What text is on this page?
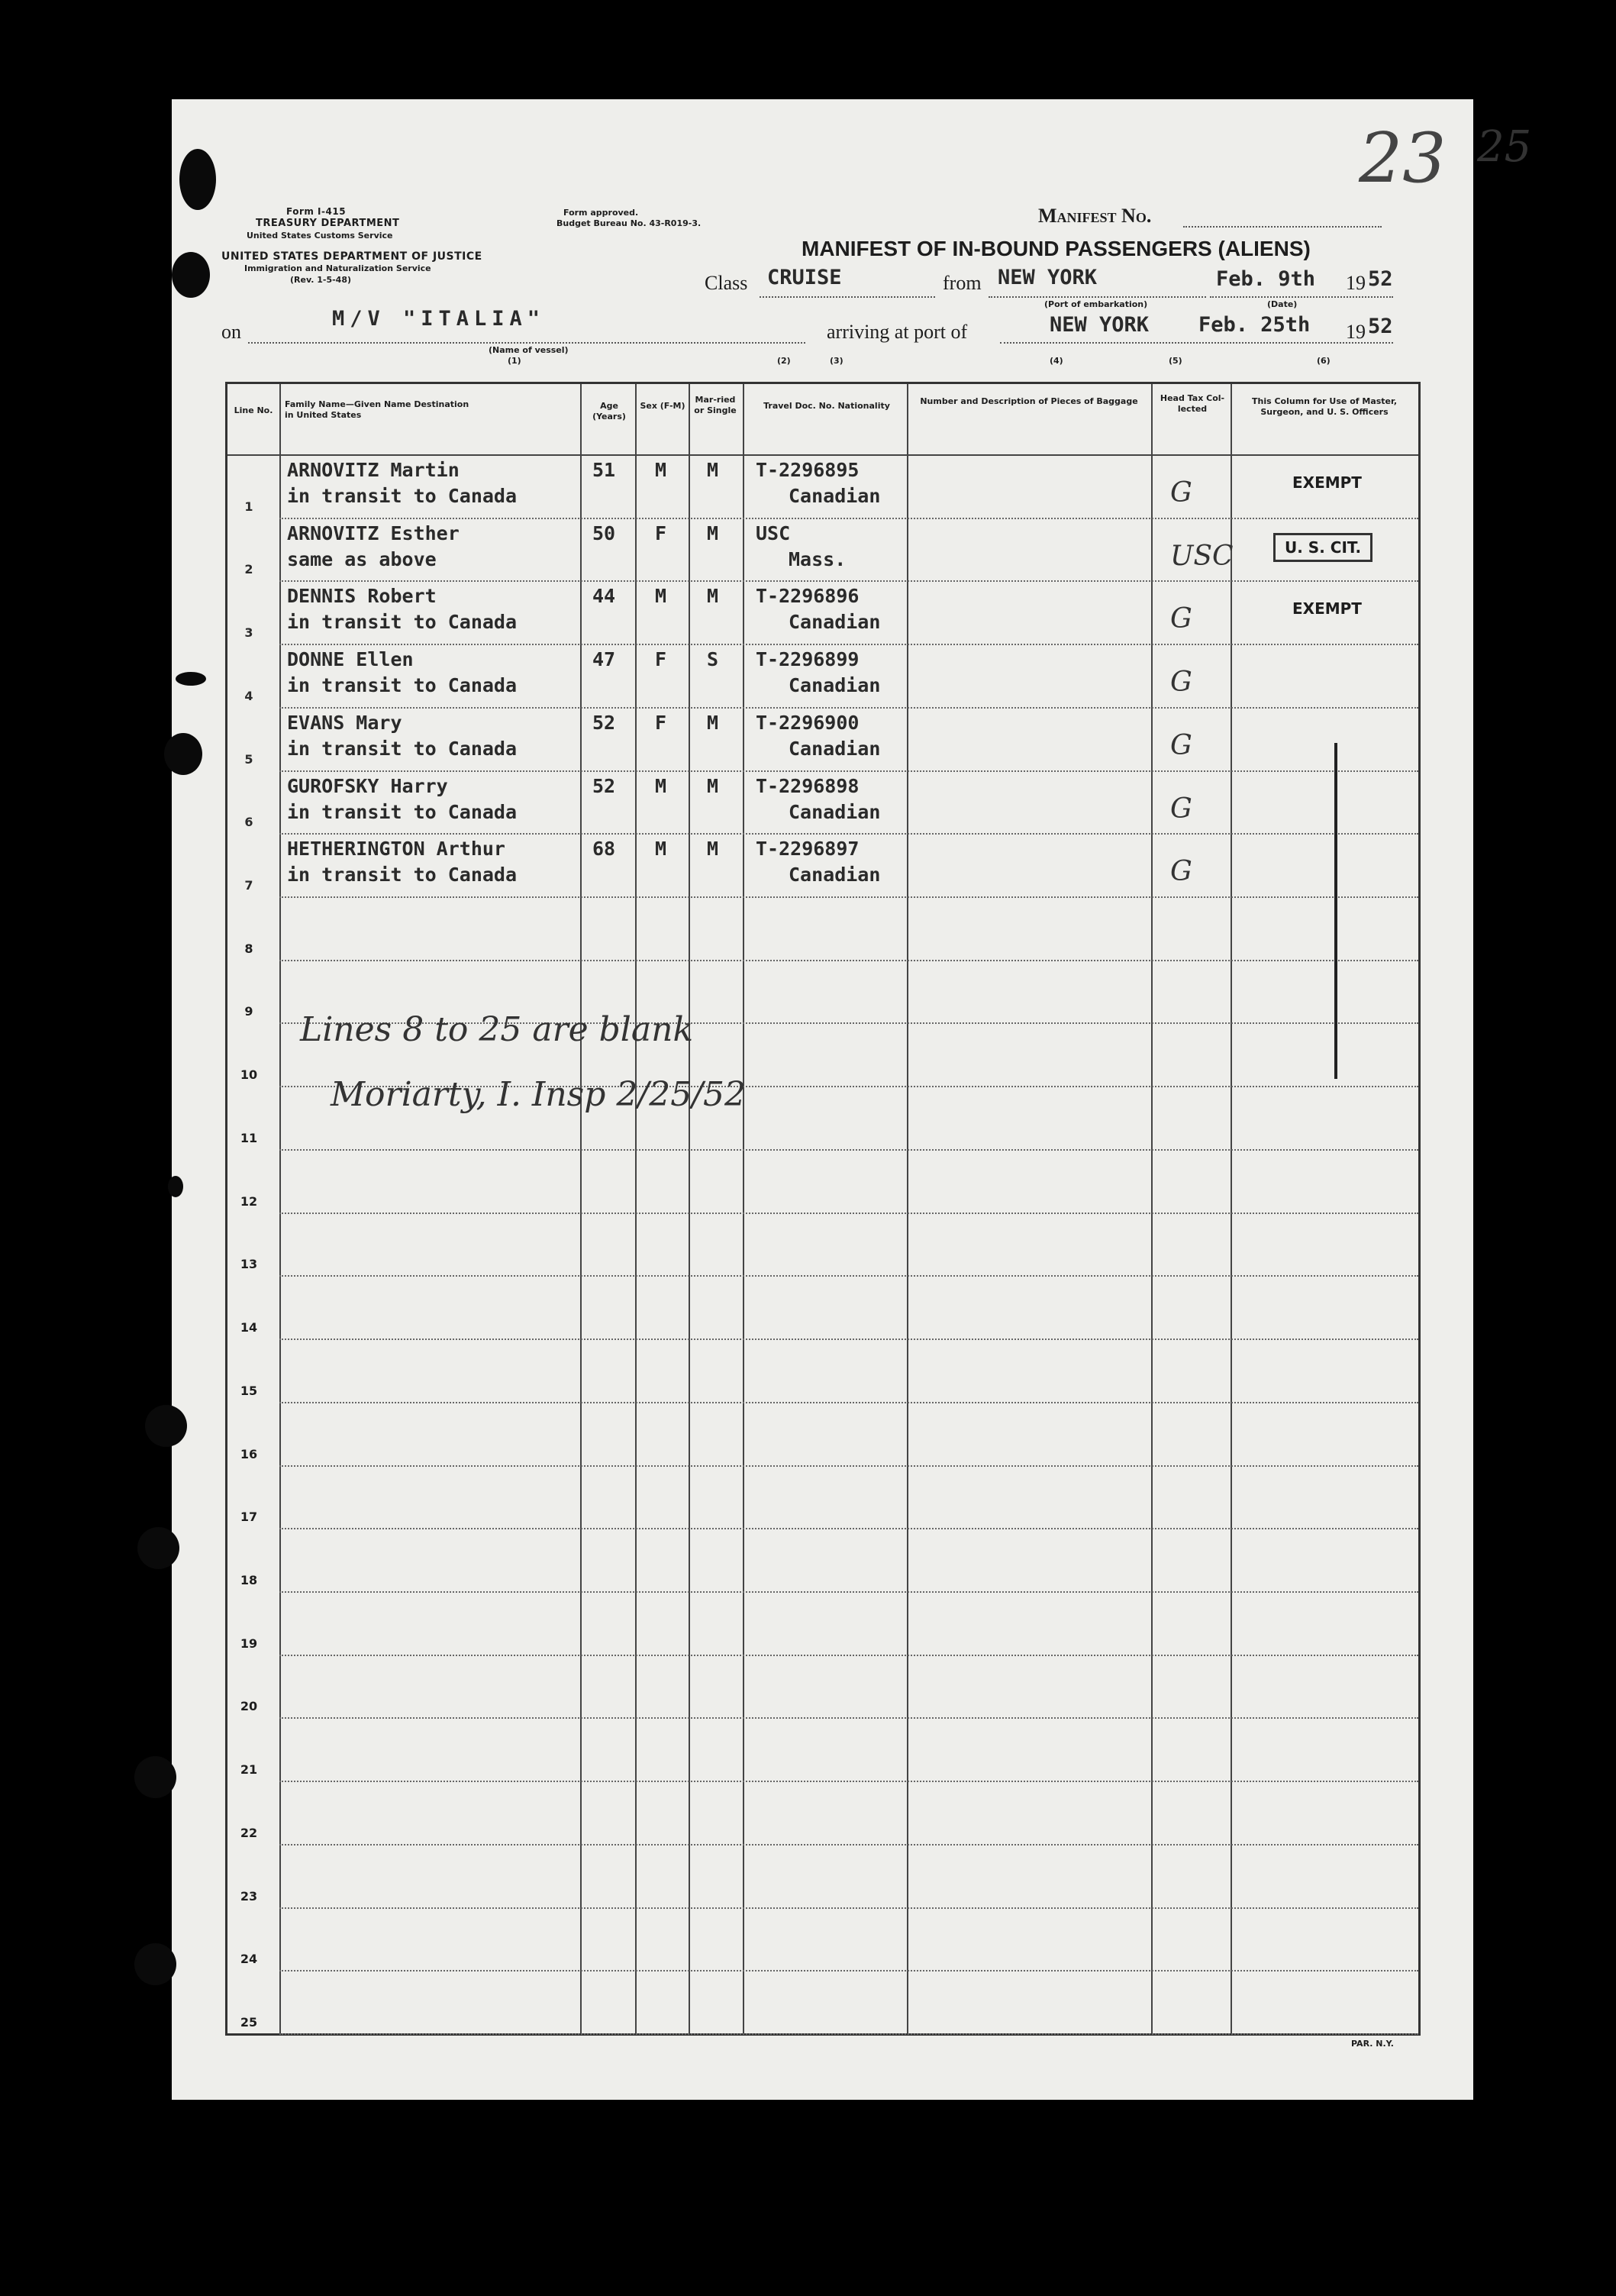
23 25
Form I-415
TREASURY DEPARTMENT
United States Customs Service
UNITED STATES DEPARTMENT OF JUSTICE
Immigration and Naturalization Service
(Rev. 1-5-48)
Form approved.
Budget Bureau No. 43-R019-3.	Manifest No.
MANIFEST OF IN-BOUND PASSENGERS (ALIENS)
Class CRUISE	from NEW YORK
(Port of embarkation)
Feb. 9th 19 52
(Date)
on
M/V "ITALIA"
(Name of vessel)
arriving at port of	NEW YORK Feb. 25th 19 52
(1)	(2)	(3)	(4)	(5)	(6)
Line No.
Family Name—Given Name Destination in United States
Age (Years)
Sex (F-M)
Mar-ried or Single	Travel Doc. No. Nationality	Number and Description of Pieces of Baggage	Head Tax Col-lected
This Column for Use of Master, Surgeon, and U. S. Officers
8
9
10
11
12
13
14
15
16
17
18
19
20
21
22
23
24
25
1
ARNOVITZ Martin
in transit to Canada
51 M M T-2296895
Canadian	G	EXEMPT
2
ARNOVITZ Esther
same as above
50 F M USC
Mass.	USC	U. S. CIT.
3
DENNIS Robert
in transit to Canada
44 M M T-2296896
Canadian	G	EXEMPT
4
DONNE Ellen
in transit to Canada
47 F S T-2296899
Canadian	G
5
EVANS Mary
in transit to Canada
52 F M T-2296900
Canadian	G
6
GUROFSKY Harry
in transit to Canada
52 M M T-2296898
Canadian	G
7
HETHERINGTON Arthur
in transit to Canada
68 M M T-2296897
Canadian	G
Lines 8 to 25 are blank
Moriarty, I. Insp 2/25/52
PAR. N.Y.
